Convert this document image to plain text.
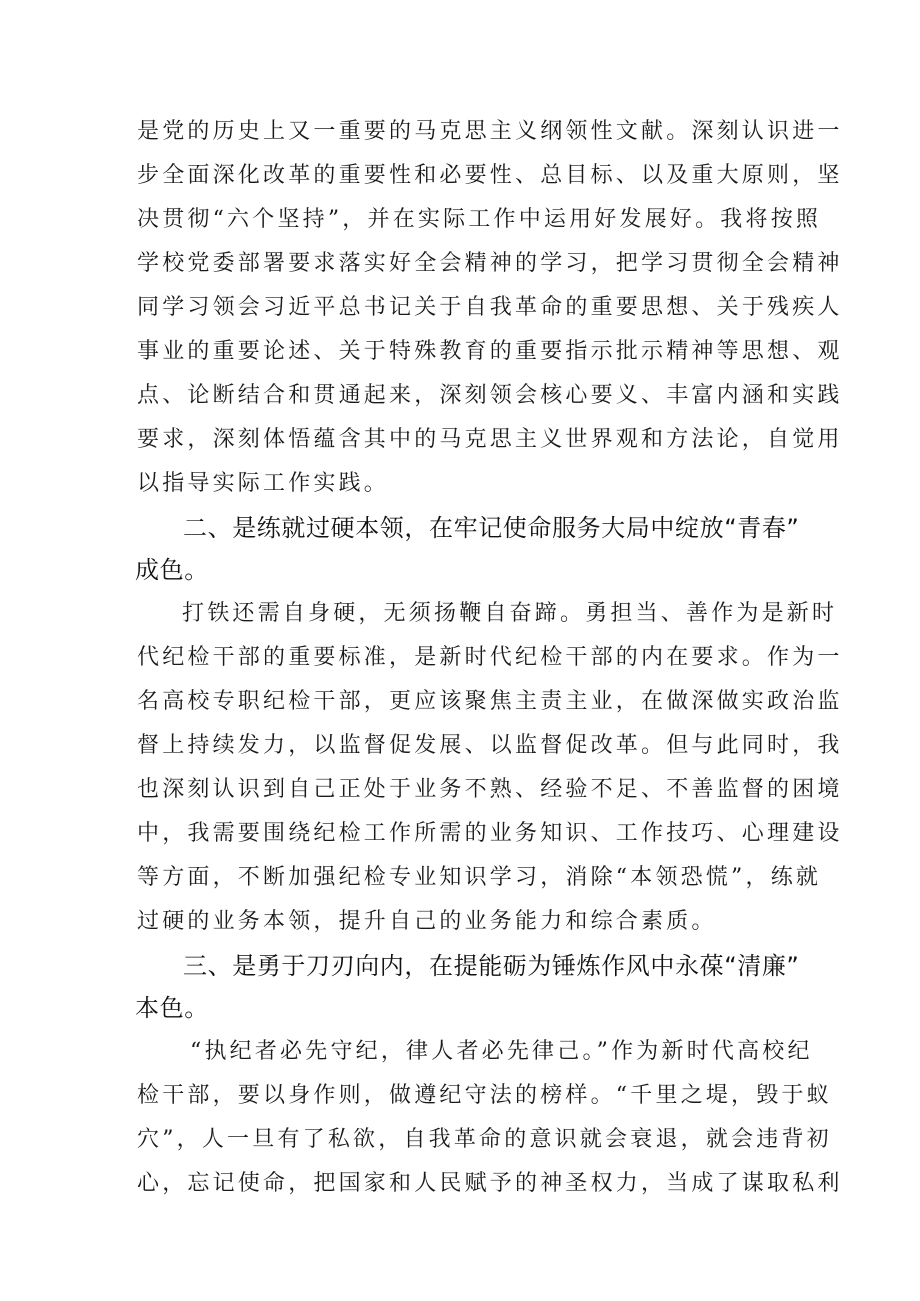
是党的历史上又一重要的马克思主义纲领性文献。深刻认识进一
步全面深化改革的重要性和必要性、总目标、以及重大原则，坚
决贯彻“六个坚持”，并在实际工作中运用好发展好。我将按照
学校党委部署要求落实好全会精神的学习，把学习贯彻全会精神
同学习领会习近平总书记关于自我革命的重要思想、关于残疾人
事业的重要论述、关于特殊教育的重要指示批示精神等思想、观
点、论断结合和贯通起来，深刻领会核心要义、丰富内涵和实践
要求，深刻体悟蕴含其中的马克思主义世界观和方法论，自觉用
以指导实际工作实践。
二、是练就过硬本领，在牢记使命服务大局中绽放“青春”
成色。
打铁还需自身硬，无须扬鞭自奋蹄。勇担当、善作为是新时
代纪检干部的重要标准，是新时代纪检干部的内在要求。作为一
名高校专职纪检干部，更应该聚焦主责主业，在做深做实政治监
督上持续发力，以监督促发展、以监督促改革。但与此同时，我
也深刻认识到自己正处于业务不熟、经验不足、不善监督的困境
中，我需要围绕纪检工作所需的业务知识、工作技巧、心理建设
等方面，不断加强纪检专业知识学习，消除“本领恐慌”，练就
过硬的业务本领，提升自己的业务能力和综合素质。
三、是勇于刀刃向内，在提能砺为锤炼作风中永葆“清廉”
本色。
“执纪者必先守纪，律人者必先律己。”作为新时代高校纪
检干部，要以身作则，做遵纪守法的榜样。“千里之堤，毁于蚁
穴”，人一旦有了私欲，自我革命的意识就会衰退，就会违背初
心，忘记使命，把国家和人民赋予的神圣权力，当成了谋取私利
